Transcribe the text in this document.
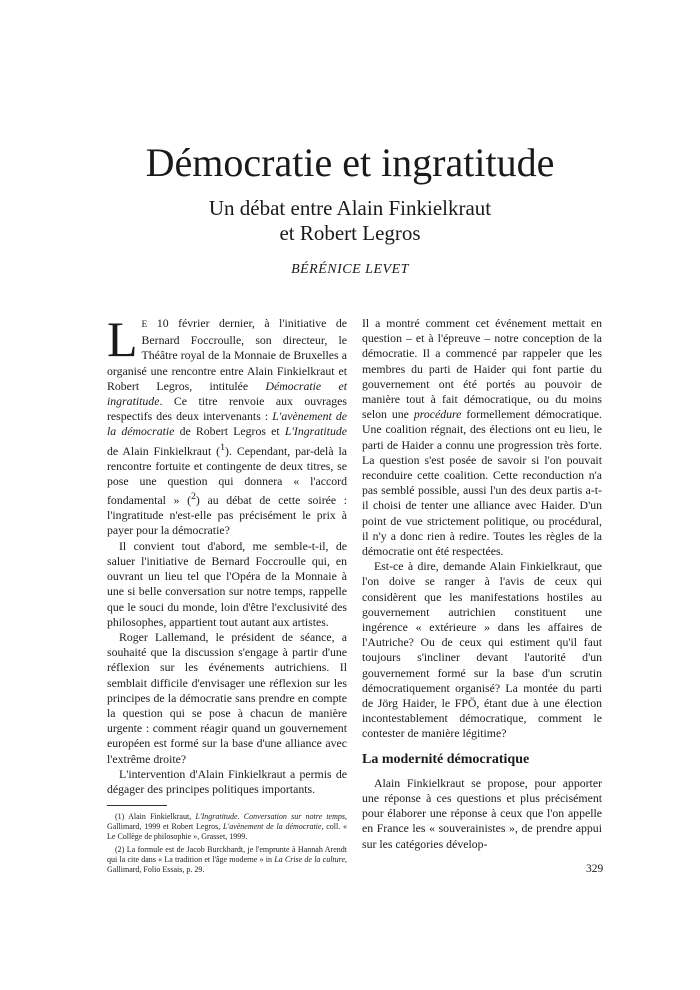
Démocratie et ingratitude
Un débat entre Alain Finkielkraut
et Robert Legros
BÉRÉNICE LEVET

L E 10 février dernier, à l'initiative de Bernard Foccroulle, son directeur, le Théâtre royal de la Monnaie de Bruxelles a organisé une rencontre entre Alain Finkielkraut et Robert Legros, intitulée Démocratie et ingratitude. Ce titre renvoie aux ouvrages respectifs des deux intervenants : L'avènement de la démocratie de Robert Legros et L'Ingratitude de Alain Finkielkraut ($^1$). Cependant, par-delà la rencontre fortuite et contingente de deux titres, se pose une question qui donnera « l'accord fondamental » ($^2$) au débat de cette soirée : l'ingratitude n'est-elle pas précisément le prix à payer pour la démocratie?

Il convient tout d'abord, me semble-t-il, de saluer l'initiative de Bernard Foccroulle qui, en ouvrant un lieu tel que l'Opéra de la Monnaie à une si belle conversation sur notre temps, rappelle que le souci du monde, loin d'être l'exclusivité des philosophes, appartient tout autant aux artistes.

Roger Lallemand, le président de séance, a souhaité que la discussion s'engage à partir d'une réflexion sur les événements autrichiens. Il semblait difficile d'envisager une réflexion sur les principes de la démocratie sans prendre en compte la question qui se pose à chacun de manière urgente : comment réagir quand un gouvernement européen est formé sur la base d'une alliance avec l'extrême droite?

L'intervention d'Alain Finkielkraut a permis de dégager des principes politiques importants.

(1) Alain Finkielkraut, L'Ingratitude. Conversation sur notre temps, Gallimard, 1999 et Robert Legros, L'avènement de la démocratie, coll. « Le Collège de philosophie », Grasset, 1999.

(2) La formule est de Jacob Burckhardt, je l'emprunte à Hannah Arendt qui la cite dans « La tradition et l'âge moderne » in La Crise de la culture, Gallimard, Folio Essais, p. 29.

Il a montré comment cet événement mettait en question – et à l'épreuve – notre conception de la démocratie. Il a commencé par rappeler que les membres du parti de Haider qui font partie du gouvernement ont été portés au pouvoir de manière tout à fait démocratique, ou du moins selon une procédure formellement démocratique. Une coalition régnait, des élections ont eu lieu, le parti de Haider a connu une progression très forte. La question s'est posée de savoir si l'on pouvait reconduire cette coalition. Cette reconduction n'a pas semblé possible, aussi l'un des deux partis a-t-il choisi de tenter une alliance avec Haider. D'un point de vue strictement politique, ou procédural, il n'y a donc rien à redire. Toutes les règles de la démocratie ont été respectées.

Est-ce à dire, demande Alain Finkielkraut, que l'on doive se ranger à l'avis de ceux qui considèrent que les manifestations hostiles au gouvernement autrichien constituent une ingérence « extérieure » dans les affaires de l'Autriche? Ou de ceux qui estiment qu'il faut toujours s'incliner devant l'autorité d'un gouvernement formé sur la base d'un scrutin démocratiquement organisé? La montée du parti de Jörg Haider, le FPÖ, étant due à une élection incontestablement démocratique, comment le contester de manière légitime?

La modernité démocratique

Alain Finkielkraut se propose, pour apporter une réponse à ces questions et plus précisément pour élaborer une réponse à ceux que l'on appelle en France les « souverainistes », de prendre appui sur les catégories dévelop-

329
